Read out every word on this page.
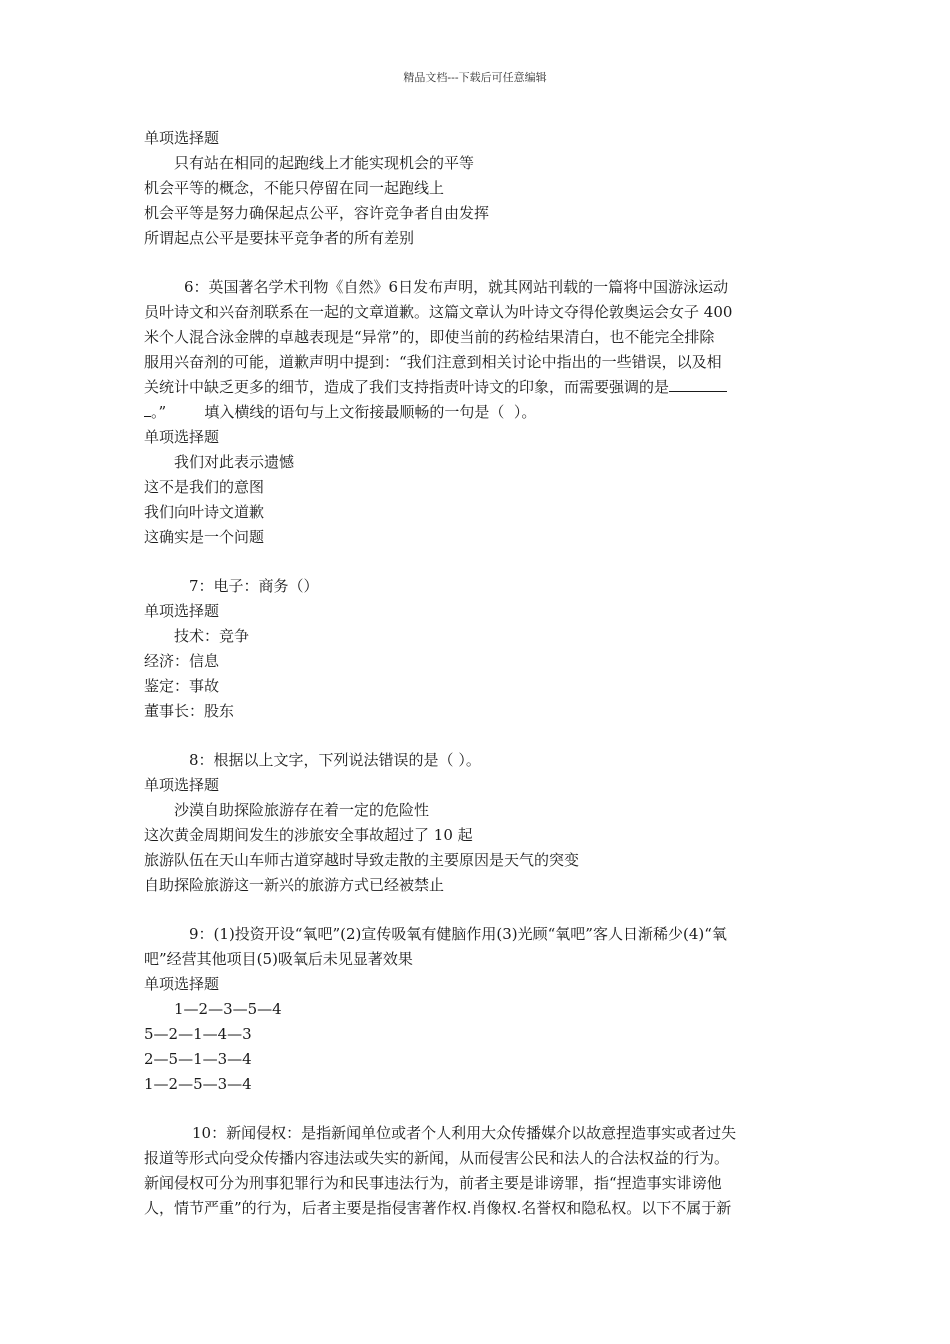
精品文档---下载后可任意编辑
单项选择题
只有站在相同的起跑线上才能实现机会的平等
机会平等的概念，不能只停留在同一起跑线上
机会平等是努力确保起点公平，容许竞争者自由发挥
所谓起点公平是要抹平竞争者的所有差别
6：英国著名学术刊物《自然》6日发布声明，就其网站刊载的一篇将中国游泳运动
员叶诗文和兴奋剂联系在一起的文章道歉。这篇文章认为叶诗文夺得伦敦奥运会女子 400
米个人混合泳金牌的卓越表现是“异常”的，即使当前的药检结果清白，也不能完全排除
服用兴奋剂的可能，道歉声明中提到：“我们注意到相关讨论中指出的一些错误，以及相
关统计中缺乏更多的细节，造成了我们支持指责叶诗文的印象，而需要强调的是
。”        填入横线的语句与上文衔接最顺畅的一句是（  ）。
单项选择题
我们对此表示遗憾
这不是我们的意图
我们向叶诗文道歉
这确实是一个问题
7：电子：商务（）
单项选择题
技术：竞争
经济：信息
鉴定：事故
董事长：股东
8：根据以上文字，下列说法错误的是（ ）。
单项选择题
沙漠自助探险旅游存在着一定的危险性
这次黄金周期间发生的涉旅安全事故超过了 10 起
旅游队伍在天山车师古道穿越时导致走散的主要原因是天气的突变
自助探险旅游这一新兴的旅游方式已经被禁止
9：(1)投资开设“氧吧”(2)宣传吸氧有健脑作用(3)光顾“氧吧”客人日渐稀少(4)“氧
吧”经营其他项目(5)吸氧后未见显著效果
单项选择题
1—2—3—5—4
5—2—1—4—3
2—5—1—3—4
1—2—5—3—4
10：新闻侵权：是指新闻单位或者个人利用大众传播媒介以故意捏造事实或者过失
报道等形式向受众传播内容违法或失实的新闻，从而侵害公民和法人的合法权益的行为。
新闻侵权可分为刑事犯罪行为和民事违法行为，前者主要是诽谤罪，指“捏造事实诽谤他
人，情节严重”的行为，后者主要是指侵害著作权.肖像权.名誉权和隐私权。以下不属于新
